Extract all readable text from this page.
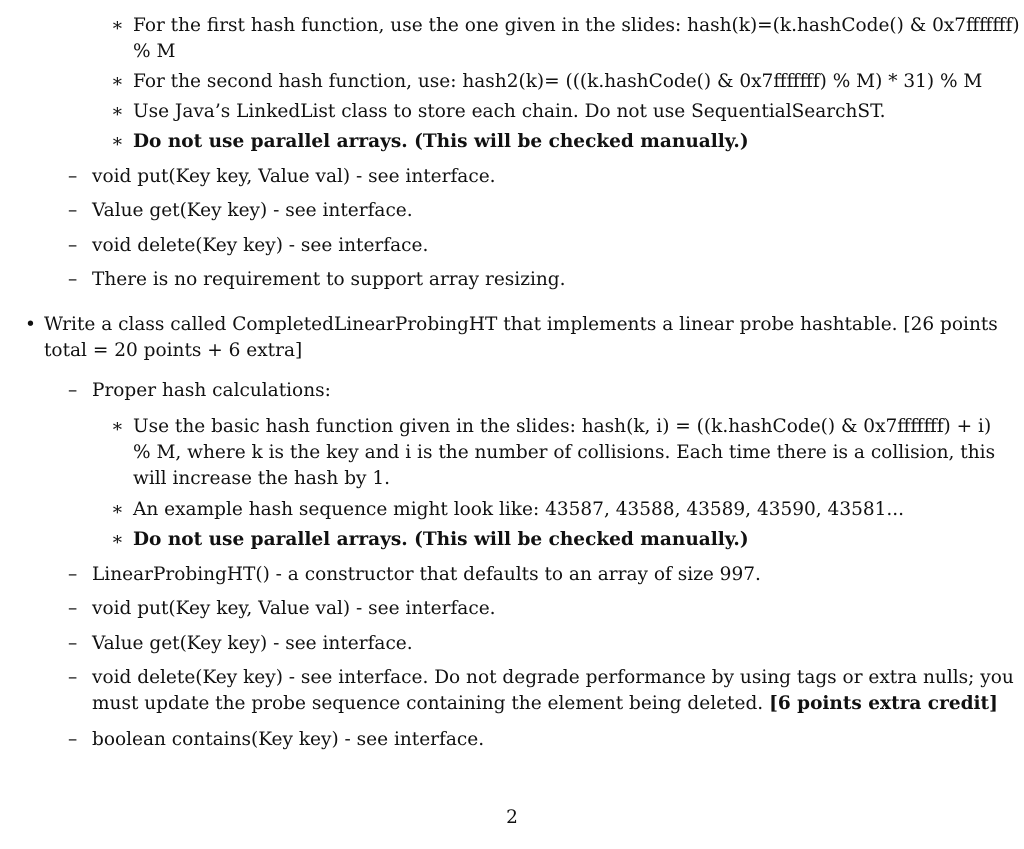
∗ For the first hash function, use the one given in the slides: hash(k)=(k.hashCode() & 0x7fffffff)
% M
∗ For the second hash function, use: hash2(k)= (((k.hashCode() & 0x7fffffff) % M) * 31) % M
∗ Use Java’s LinkedList class to store each chain. Do not use SequentialSearchST.
∗ Do not use parallel arrays. (This will be checked manually.)
– void put(Key key, Value val) - see interface.
– Value get(Key key) - see interface.
– void delete(Key key) - see interface.
– There is no requirement to support array resizing.
• Write a class called CompletedLinearProbingHT that implements a linear probe hashtable. [26 points
total = 20 points + 6 extra]
– Proper hash calculations:
∗ Use the basic hash function given in the slides: hash(k, i) = ((k.hashCode() & 0x7fffffff) + i)
% M, where k is the key and i is the number of collisions. Each time there is a collision, this
will increase the hash by 1.
∗ An example hash sequence might look like: 43587, 43588, 43589, 43590, 43581...
∗ Do not use parallel arrays. (This will be checked manually.)
– LinearProbingHT() - a constructor that defaults to an array of size 997.
– void put(Key key, Value val) - see interface.
– Value get(Key key) - see interface.
– void delete(Key key) - see interface. Do not degrade performance by using tags or extra nulls; you
must update the probe sequence containing the element being deleted. [6 points extra credit]
– boolean contains(Key key) - see interface.
2
